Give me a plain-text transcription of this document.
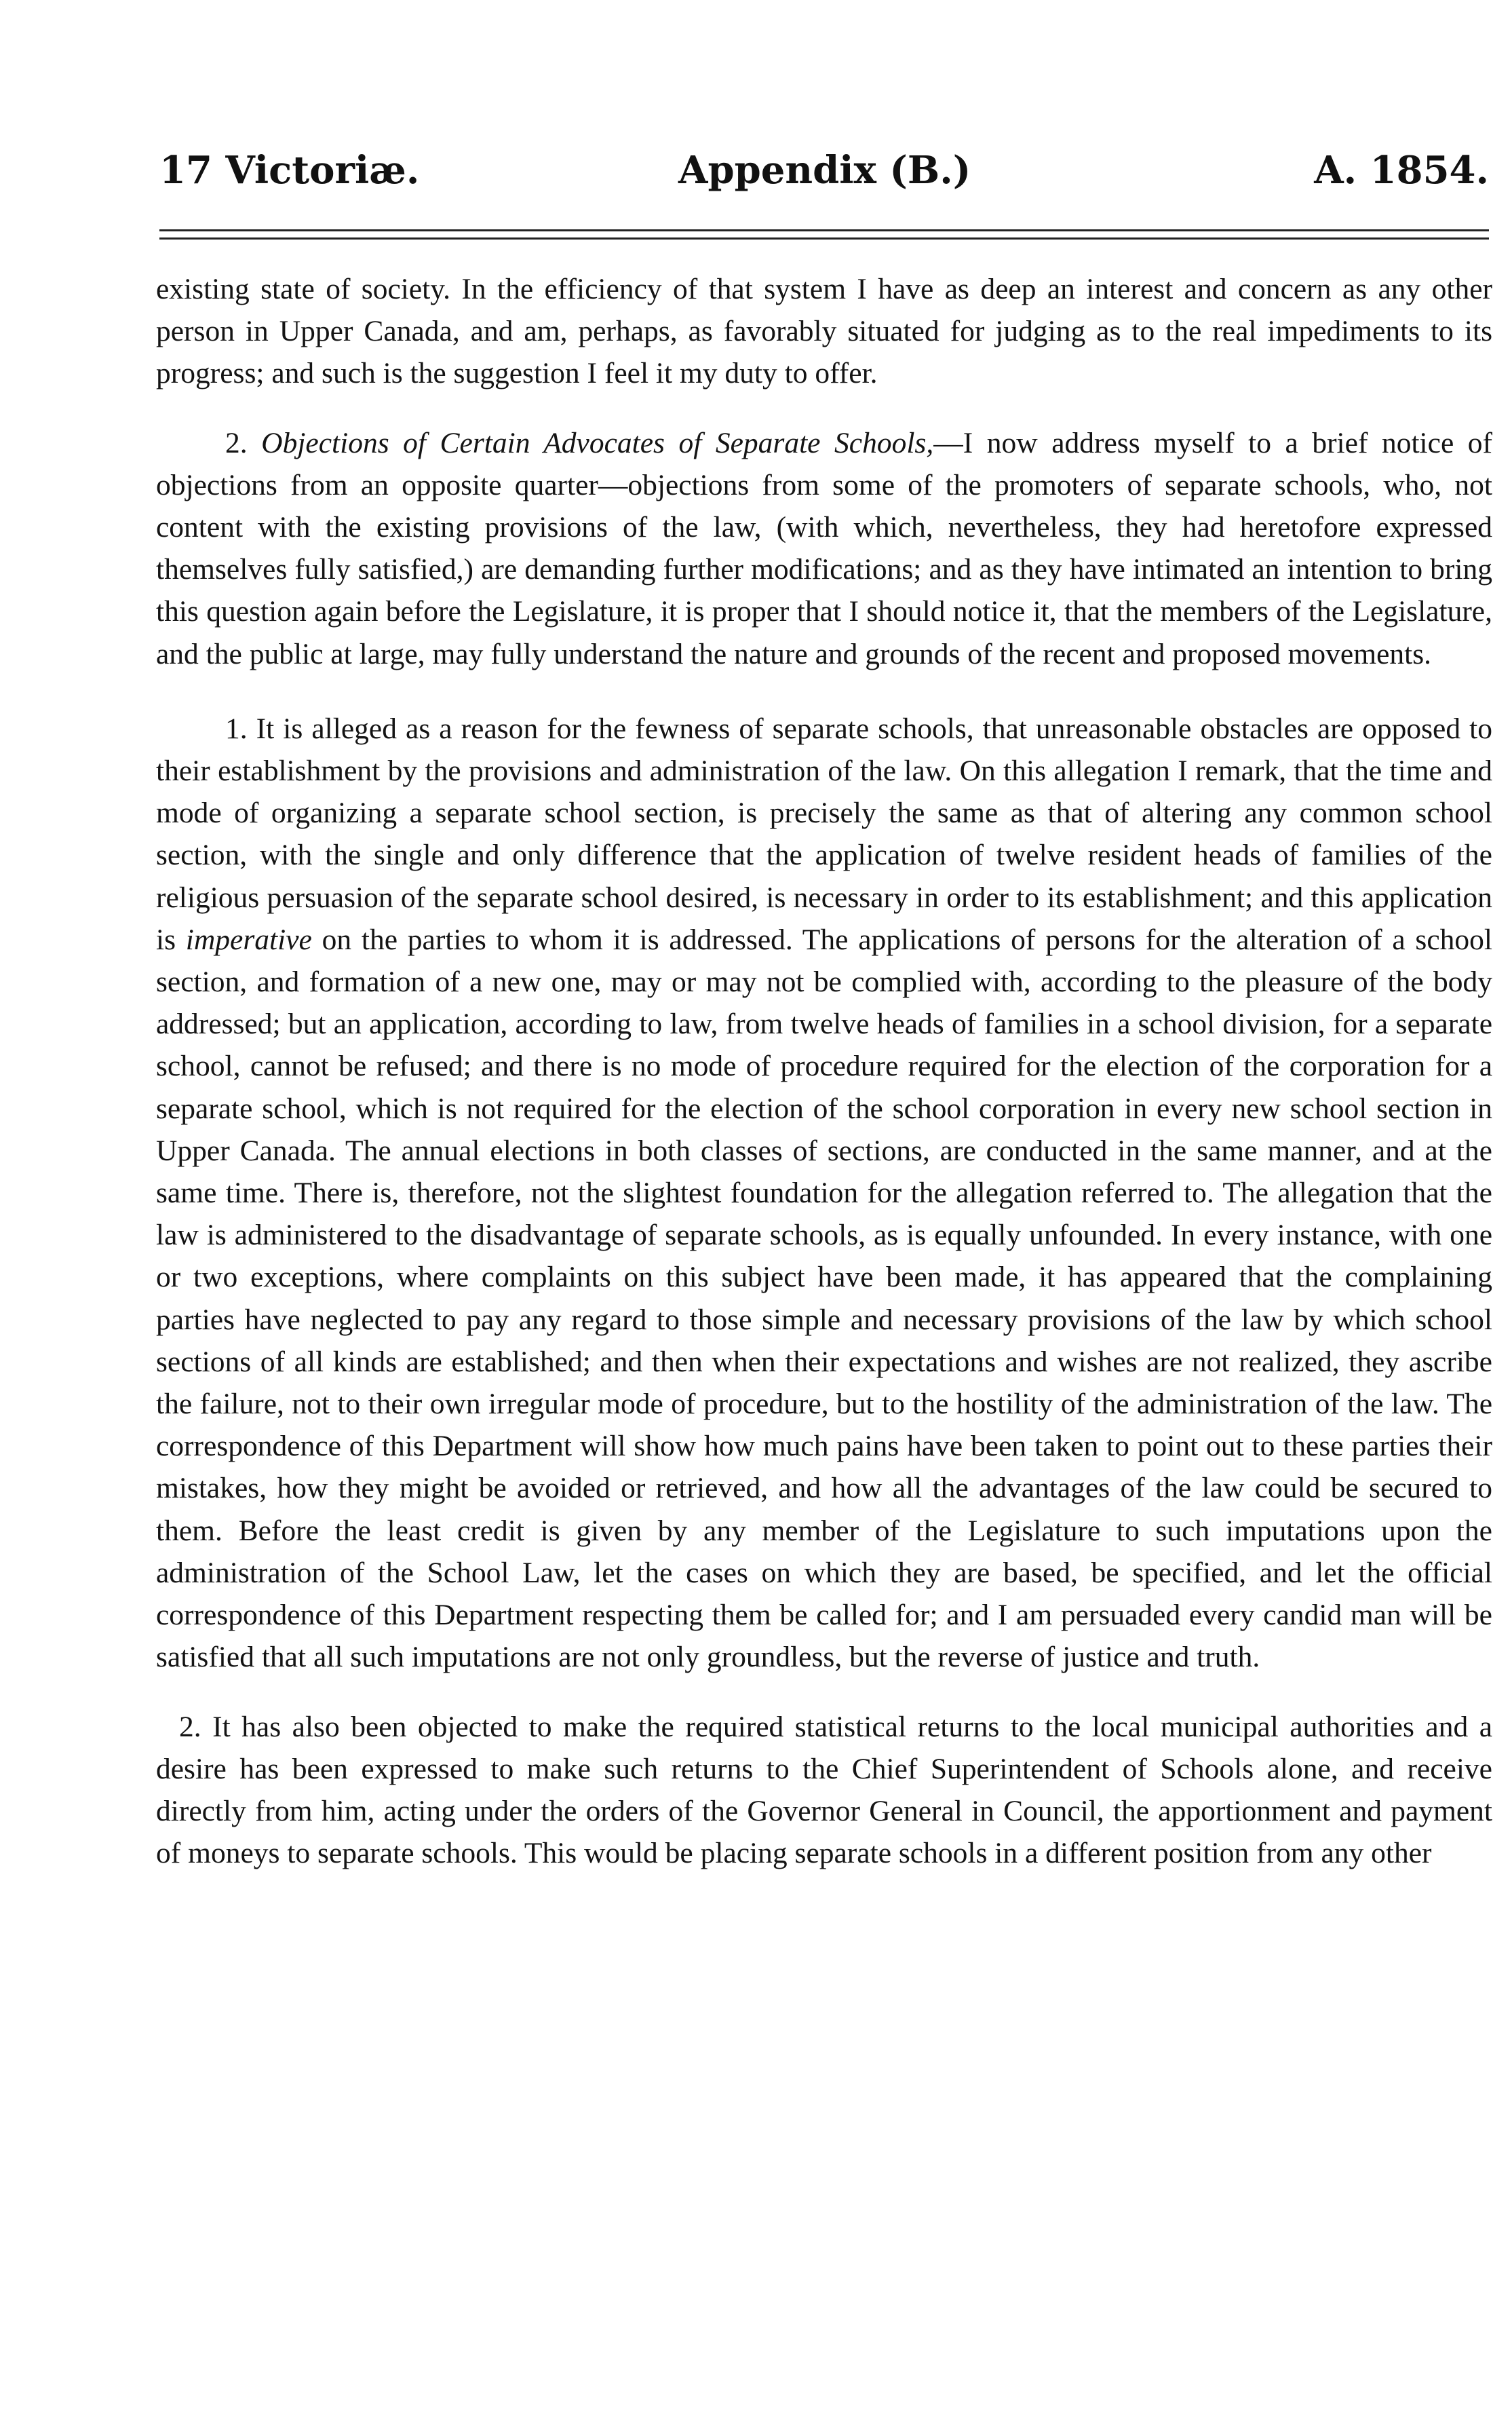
17 Victoriæ.	Appendix (B.)	A. 1854.

existing state of society. In the efficiency of that system I have as deep an interest and concern as any other person in Upper Canada, and am, perhaps, as favorably situated for judging as to the real impediments to its progress; and such is the suggestion I feel it my duty to offer.

2. Objections of Certain Advocates of Separate Schools,—I now address myself to a brief notice of objections from an opposite quarter—objections from some of the promoters of separate schools, who, not content with the existing provisions of the law, (with which, nevertheless, they had heretofore expressed themselves fully satisfied,) are demanding further modifications; and as they have intimated an intention to bring this question again before the Legislature, it is proper that I should notice it, that the members of the Legislature, and the public at large, may fully understand the nature and grounds of the recent and proposed movements.

1. It is alleged as a reason for the fewness of separate schools, that unreasonable obstacles are opposed to their establishment by the provisions and administration of the law. On this allegation I remark, that the time and mode of organizing a separate school section, is precisely the same as that of altering any common school section, with the single and only difference that the application of twelve resident heads of families of the religious persuasion of the separate school desired, is necessary in order to its establishment; and this application is imperative on the parties to whom it is addressed. The applications of persons for the alteration of a school section, and formation of a new one, may or may not be complied with, according to the pleasure of the body addressed; but an application, according to law, from twelve heads of families in a school division, for a separate school, cannot be refused; and there is no mode of procedure required for the election of the corporation for a separate school, which is not required for the election of the school corporation in every new school section in Upper Canada. The annual elections in both classes of sections, are conducted in the same manner, and at the same time. There is, therefore, not the slightest foundation for the allegation referred to. The allegation that the law is administered to the disadvantage of separate schools, as is equally unfounded. In every instance, with one or two exceptions, where complaints on this subject have been made, it has appeared that the complaining parties have neglected to pay any regard to those simple and necessary provisions of the law by which school sections of all kinds are established; and then when their expectations and wishes are not realized, they ascribe the failure, not to their own irregular mode of procedure, but to the hostility of the administration of the law. The correspondence of this Department will show how much pains have been taken to point out to these parties their mistakes, how they might be avoided or retrieved, and how all the advantages of the law could be secured to them. Before the least credit is given by any member of the Legislature to such imputations upon the administration of the School Law, let the cases on which they are based, be specified, and let the official correspondence of this Department respecting them be called for; and I am persuaded every candid man will be satisfied that all such imputations are not only groundless, but the reverse of justice and truth.

2. It has also been objected to make the required statistical returns to the local municipal authorities and a desire has been expressed to make such returns to the Chief Superintendent of Schools alone, and receive directly from him, acting under the orders of the Governor General in Council, the apportionment and payment of moneys to separate schools. This would be placing separate schools in a different position from any other
